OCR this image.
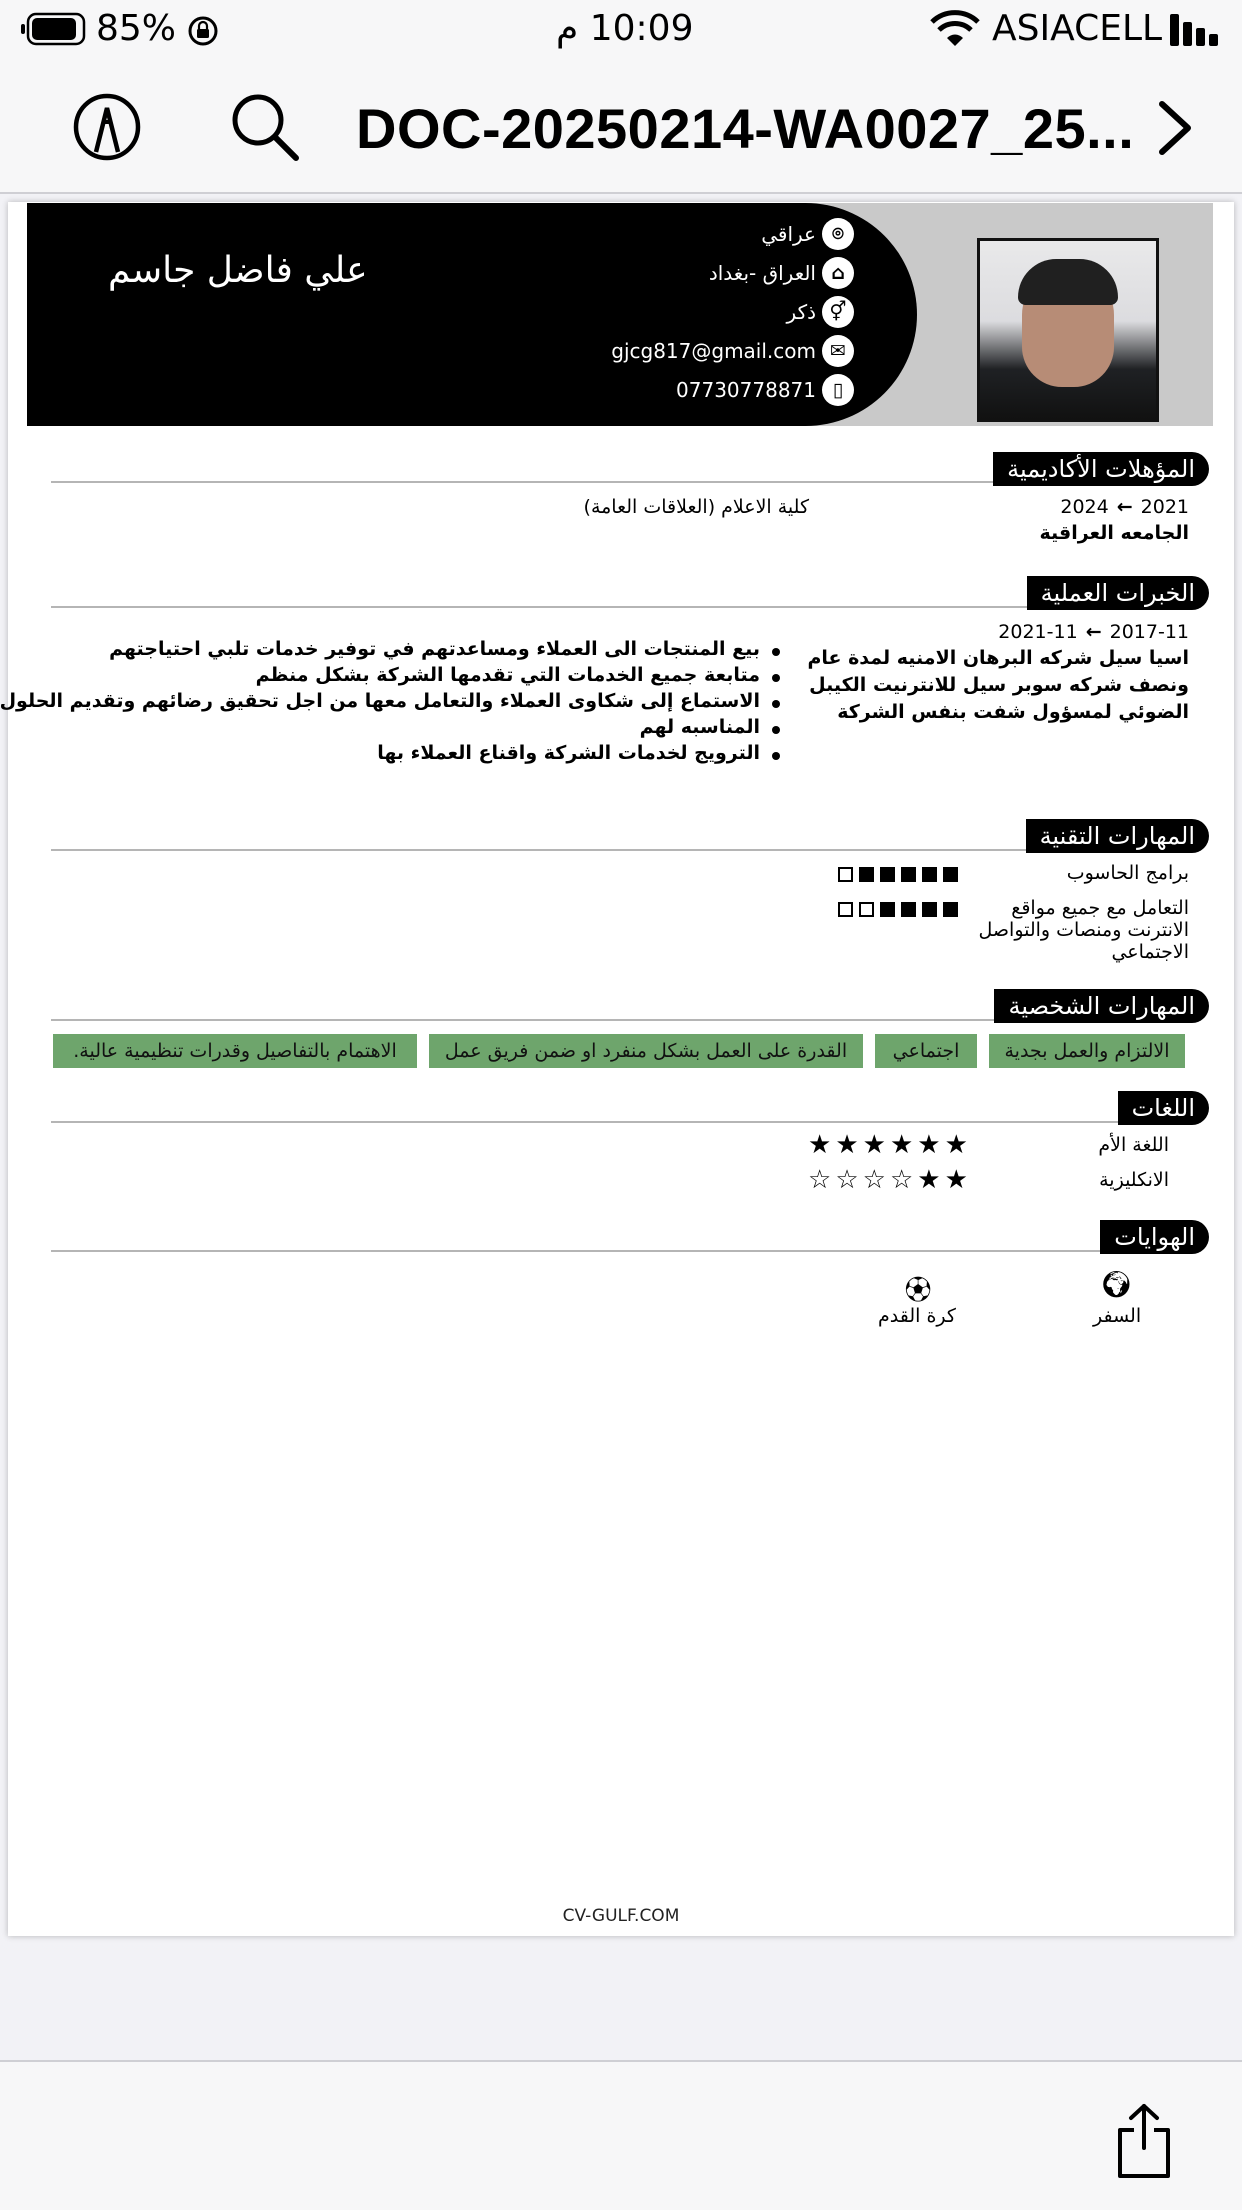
85%	10:09 م	ASIACELL
DOC-20250214-WA0027_25...
علي فاضل جاسم
⌾
عراقي
⌂
العراق -بغداد
⚥
ذكر
✉
gjcg817@gmail.com
▯
07730778871
المؤهلات الأكاديمية
2024 ← 2021
الجامعه العراقية
كلية الاعلام (العلاقات العامة)
الخبرات العملية
2021-11 ← 2017-11
اسيا سيل شركه البرهان الامنيه لمدة عام
ونصف شركه سوبر سيل للانترنيت الكيبل
الضوئي لمسؤول شفت بنفس الشركة
بيع المنتجات الى العملاء ومساعدتهم في توفير خدمات تلبي احتياجتهم
متابعة جميع الخدمات التي تقدمها الشركة بشكل منظم
الاستماع إلى شكاوى العملاء والتعامل معها من اجل تحقيق رضائهم وتقديم الحلول
المناسبه لهم
الترويج لخدمات الشركة واقناع العملاء بها
المهارات التقنية
برامج الحاسوب
التعامل مع جميع مواقع
الانترنت ومنصات والتواصل
الاجتماعي
المهارات الشخصية
الالتزام والعمل بجدية
اجتماعي
القدرة على العمل بشكل منفرد او ضمن فريق عمل
الاهتمام بالتفاصيل وقدرات تنظيمية عالية.
اللغات
اللغة الأم
★ ★ ★ ★ ★ ★
الانكليزية
☆ ☆ ☆ ☆ ★ ★
الهوايات
🌍︎
السفر
⚽︎
كرة القدم
CV-GULF.COM
